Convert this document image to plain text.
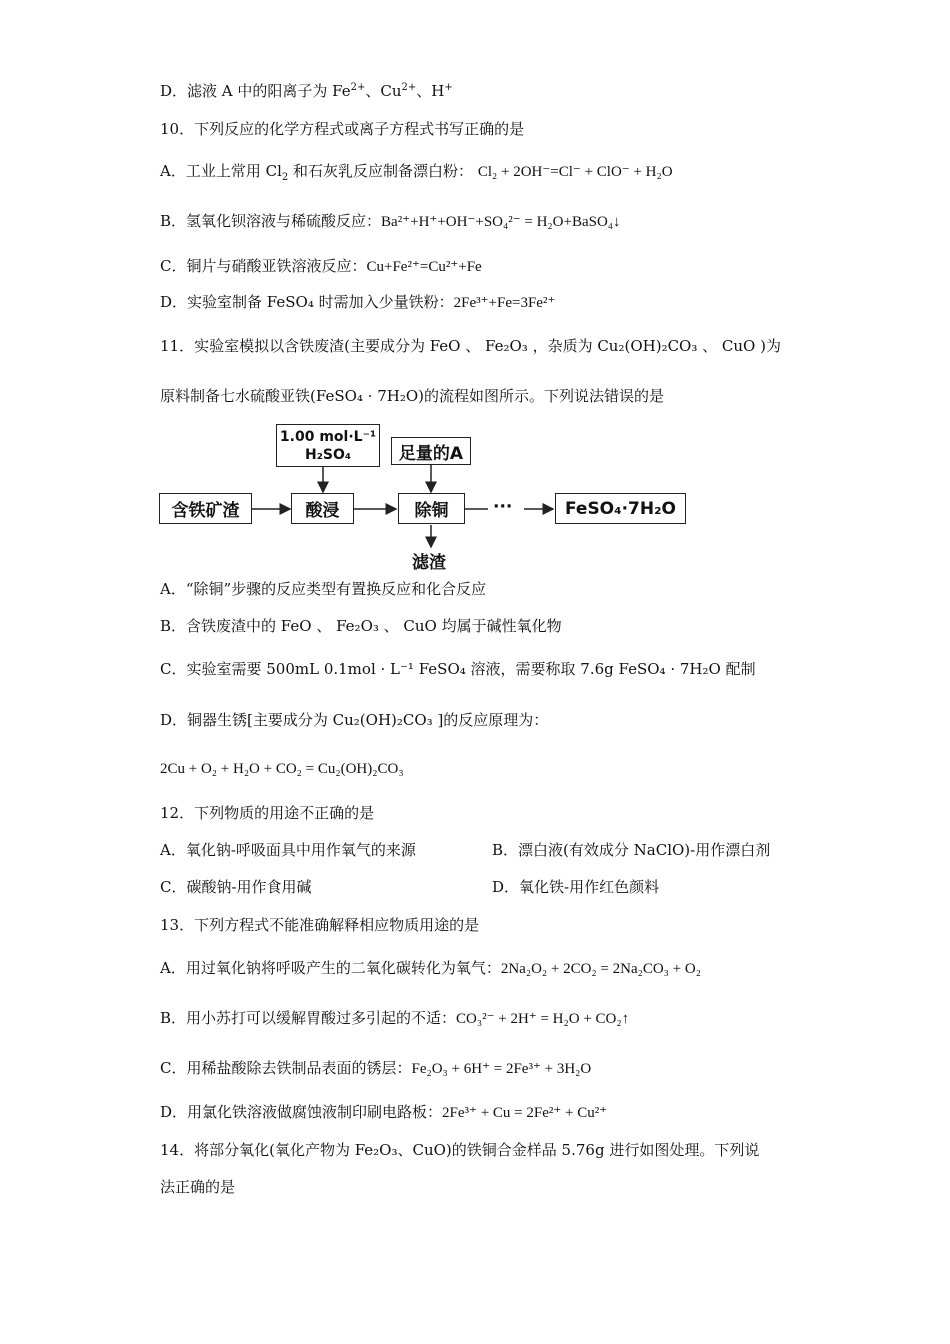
D．滤液 A 中的阳离子为 $Fe^{2+}$、$Cu^{2+}$、H+
10．下列反应的化学方程式或离子方程式书写正确的是
A．工业上常用 $Cl_2$ 和石灰乳反应制备漂白粉： Cl₂ + 2OH⁻=Cl⁻ + ClO⁻ + H₂O
B．氢氧化钡溶液与稀硫酸反应：Ba²⁺+H⁺+OH⁻+SO₄²⁻ = H₂O+BaSO₄↓
C．铜片与硝酸亚铁溶液反应：Cu+Fe²⁺=Cu²⁺+Fe
D．实验室制备 FeSO₄ 时需加入少量铁粉：2Fe³⁺+Fe=3Fe²⁺
11．实验室模拟以含铁废渣(主要成分为 FeO 、 Fe₂O₃ ，杂质为 Cu₂(OH)₂CO₃ 、 CuO )为
原料制备七水硫酸亚铁(FeSO₄ · 7H₂O)的流程如图所示。下列说法错误的是
1.00 mol·L⁻¹
H₂SO₄	足量的A
含铁矿渣	酸浸	除铜	···	FeSO₄·7H₂O
滤渣
A．“除铜”步骤的反应类型有置换反应和化合反应
B．含铁废渣中的 FeO 、 Fe₂O₃ 、 CuO 均属于碱性氧化物
C．实验室需要 500mL 0.1mol · L⁻¹ FeSO₄ 溶液，需要称取 7.6g FeSO₄ · 7H₂O 配制
D．铜器生锈[主要成分为 Cu₂(OH)₂CO₃ ]的反应原理为：
2Cu + O₂ + H₂O + CO₂ = Cu₂(OH)₂CO₃
12．下列物质的用途不正确的是
A．氧化钠-呼吸面具中用作氧气的来源	B．漂白液(有效成分 NaClO)-用作漂白剂
C．碳酸钠-用作食用碱	D．氧化铁-用作红色颜料
13．下列方程式不能准确解释相应物质用途的是
A．用过氧化钠将呼吸产生的二氧化碳转化为氧气：2Na₂O₂ + 2CO₂ = 2Na₂CO₃ + O₂
B．用小苏打可以缓解胃酸过多引起的不适：CO₃²⁻ + 2H⁺ = H₂O + CO₂↑
C．用稀盐酸除去铁制品表面的锈层：Fe₂O₃ + 6H⁺ = 2Fe³⁺ + 3H₂O
D．用氯化铁溶液做腐蚀液制印刷电路板：2Fe³⁺ + Cu = 2Fe²⁺ + Cu²⁺
14．将部分氧化(氧化产物为 Fe₂O₃、CuO)的铁铜合金样品 5.76g 进行如图处理。下列说
法正确的是
